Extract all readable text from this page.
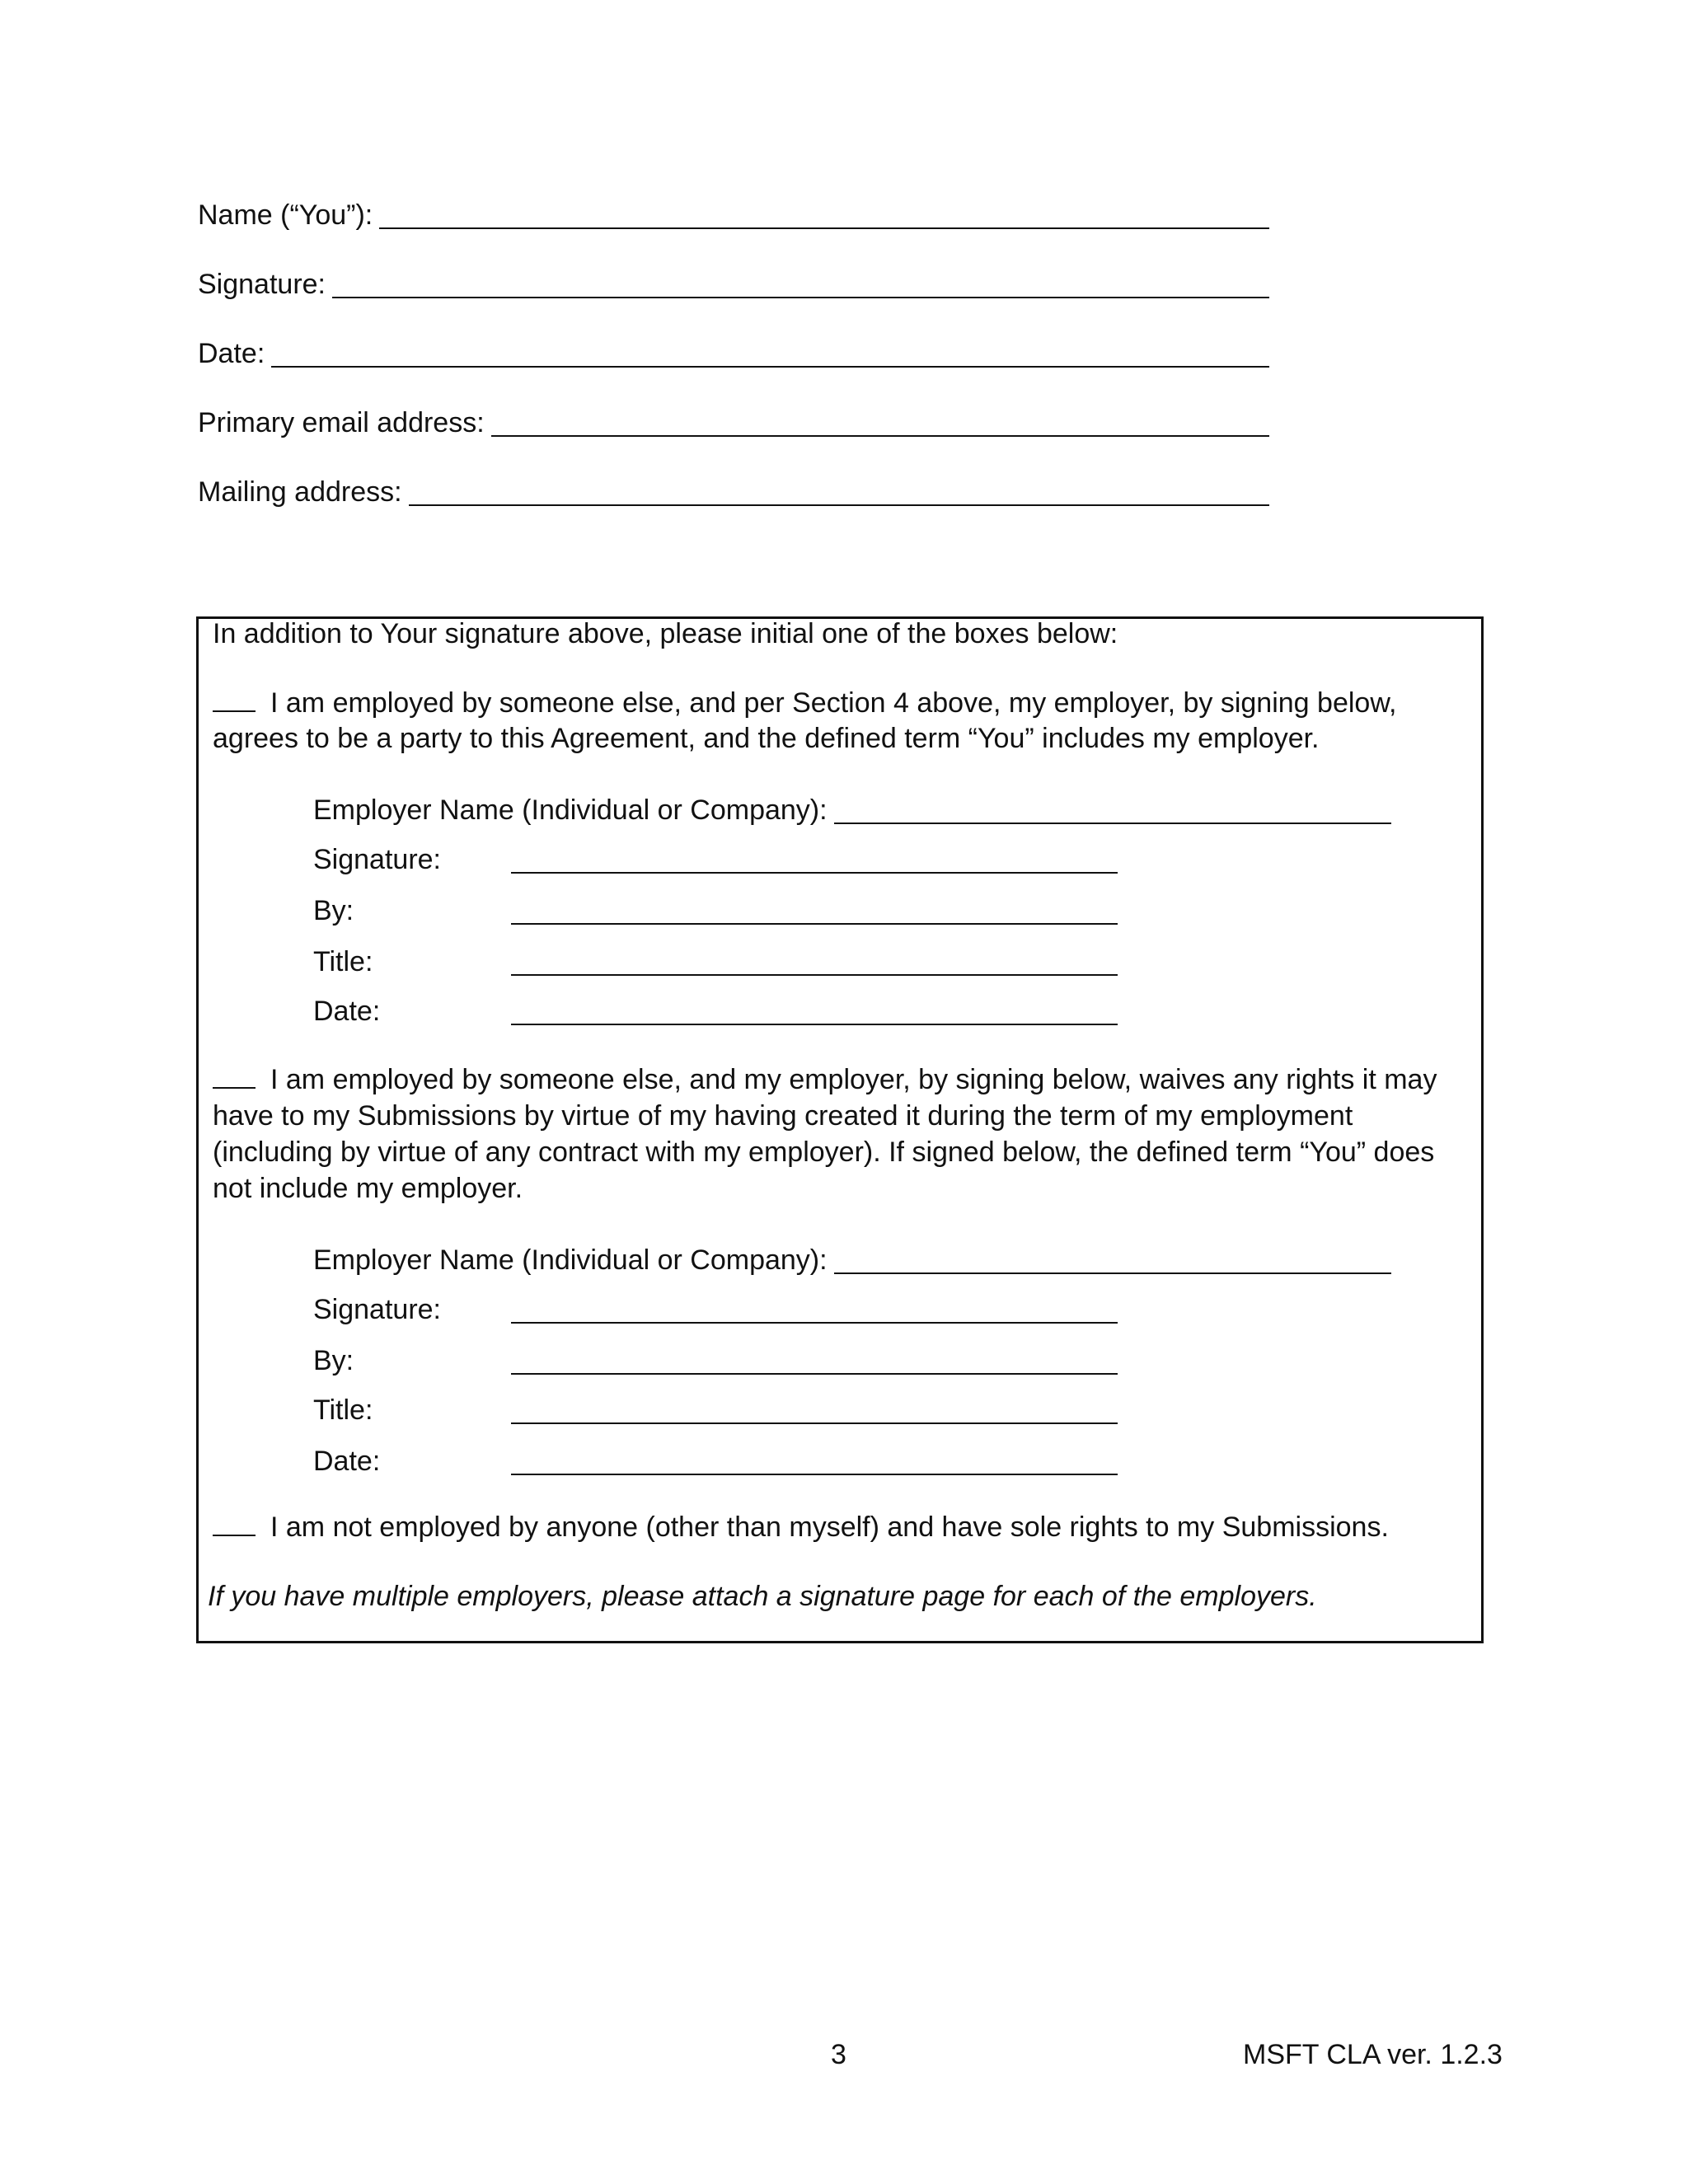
Name (“You”):
Signature:
Date:
Primary email address:
Mailing address:

In addition to Your signature above, please initial one of the boxes below:

I am employed by someone else, and per Section 4 above, my employer, by signing below, agrees to be a party to this Agreement, and the defined term “You” includes my employer.

Employer Name (Individual or Company):
Signature:
By:
Title:
Date:

I am employed by someone else, and my employer, by signing below, waives any rights it may have to my Submissions by virtue of my having created it during the term of my employment (including by virtue of any contract with my employer). If signed below, the defined term “You” does not include my employer.

Employer Name (Individual or Company):
Signature:
By:
Title:
Date:

I am not employed by anyone (other than myself) and have sole rights to my Submissions.

If you have multiple employers, please attach a signature page for each of the employers.

3	MSFT CLA ver. 1.2.3
